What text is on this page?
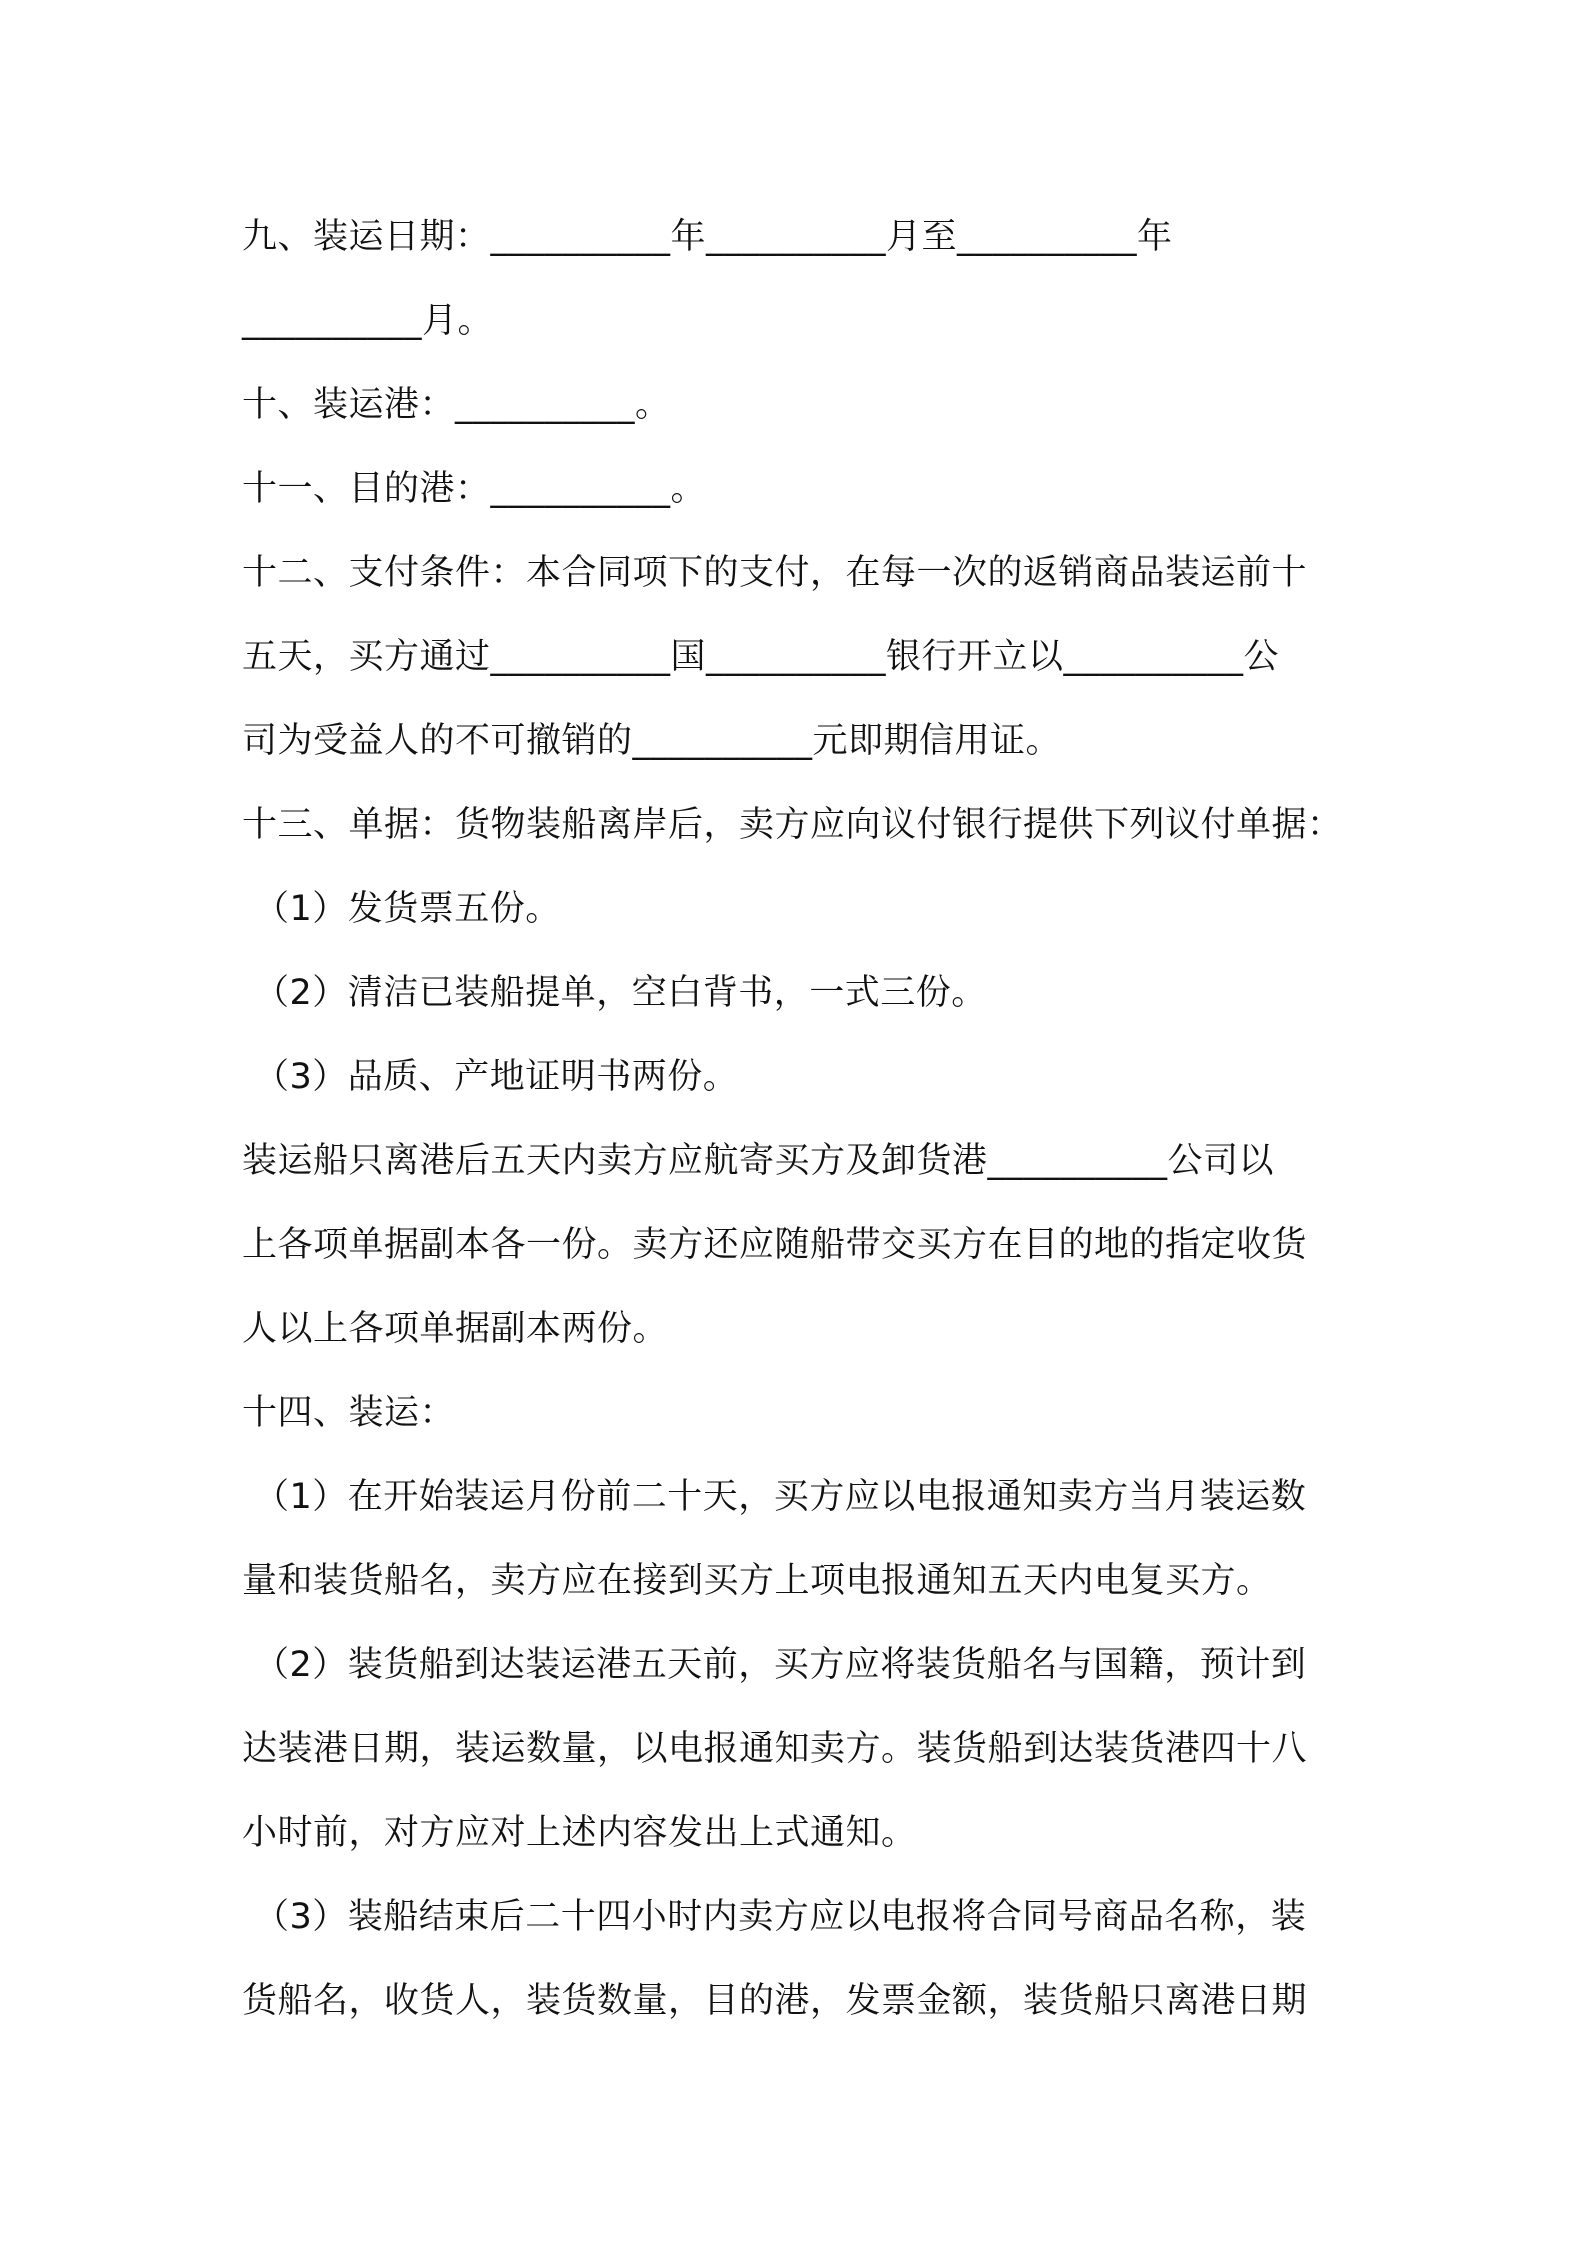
九、装运日期：__________年__________月至__________年
__________月。
十、装运港：__________。
十一、目的港：__________。
十二、支付条件：本合同项下的支付，在每一次的返销商品装运前十
五天，买方通过__________国__________银行开立以__________公
司为受益人的不可撤销的__________元即期信用证。
十三、单据：货物装船离岸后，卖方应向议付银行提供下列议付单据：
（1）发货票五份。
（2）清洁已装船提单，空白背书，一式三份。
（3）品质、产地证明书两份。
装运船只离港后五天内卖方应航寄买方及卸货港__________公司以
上各项单据副本各一份。卖方还应随船带交买方在目的地的指定收货
人以上各项单据副本两份。
十四、装运：
（1）在开始装运月份前二十天，买方应以电报通知卖方当月装运数
量和装货船名，卖方应在接到买方上项电报通知五天内电复买方。
（2）装货船到达装运港五天前，买方应将装货船名与国籍，预计到
达装港日期，装运数量，以电报通知卖方。装货船到达装货港四十八
小时前，对方应对上述内容发出上式通知。
（3）装船结束后二十四小时内卖方应以电报将合同号商品名称，装
货船名，收货人，装货数量，目的港，发票金额，装货船只离港日期
